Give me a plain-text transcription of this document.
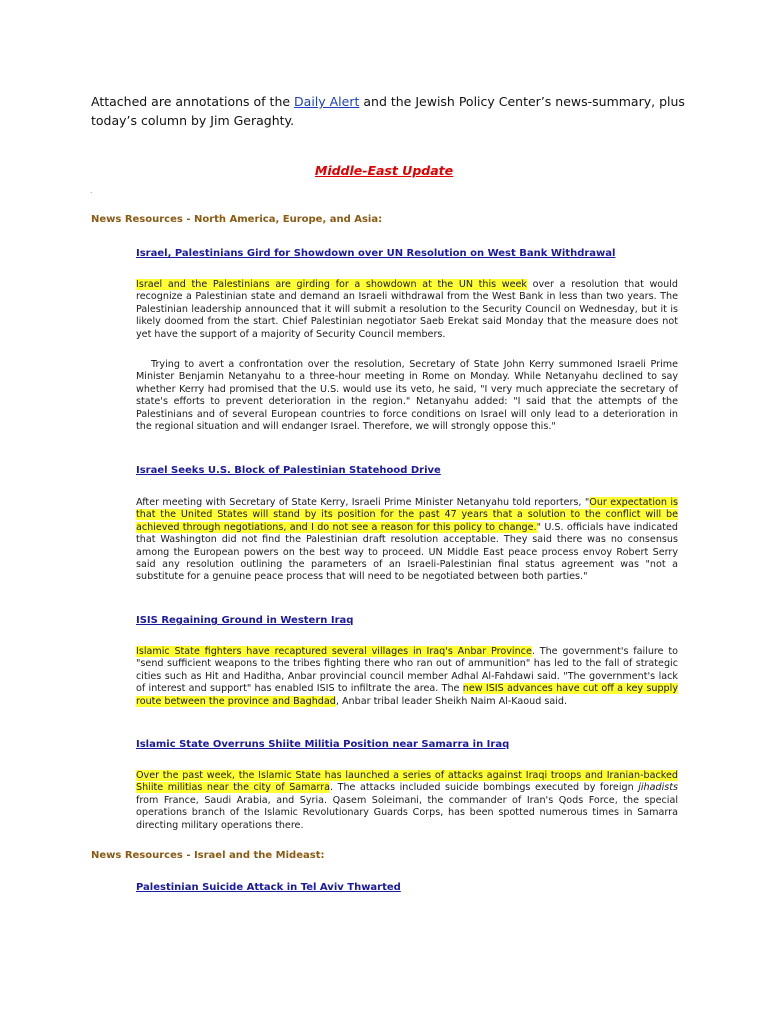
Attached are annotations of the Daily Alert and the Jewish Policy Center’s news-summary, plus today’s column by Jim Geraghty.
Middle-East Update
.
News Resources - North America, Europe, and Asia:
Israel, Palestinians Gird for Showdown over UN Resolution on West Bank Withdrawal
Israel and the Palestinians are girding for a showdown at the UN this week over a resolution that would recognize a Palestinian state and demand an Israeli withdrawal from the West Bank in less than two years. The Palestinian leadership announced that it will submit a resolution to the Security Council on Wednesday, but it is likely doomed from the start. Chief Palestinian negotiator Saeb Erekat said Monday that the measure does not yet have the support of a majority of Security Council members.
Trying to avert a confrontation over the resolution, Secretary of State John Kerry summoned Israeli Prime Minister Benjamin Netanyahu to a three-hour meeting in Rome on Monday. While Netanyahu declined to say whether Kerry had promised that the U.S. would use its veto, he said, "I very much appreciate the secretary of state's efforts to prevent deterioration in the region." Netanyahu added: "I said that the attempts of the Palestinians and of several European countries to force conditions on Israel will only lead to a deterioration in the regional situation and will endanger Israel. Therefore, we will strongly oppose this."
Israel Seeks U.S. Block of Palestinian Statehood Drive
After meeting with Secretary of State Kerry, Israeli Prime Minister Netanyahu told reporters, "Our expectation is that the United States will stand by its position for the past 47 years that a solution to the conflict will be achieved through negotiations, and I do not see a reason for this policy to change." U.S. officials have indicated that Washington did not find the Palestinian draft resolution acceptable. They said there was no consensus among the European powers on the best way to proceed. UN Middle East peace process envoy Robert Serry said any resolution outlining the parameters of an Israeli-Palestinian final status agreement was "not a substitute for a genuine peace process that will need to be negotiated between both parties."
ISIS Regaining Ground in Western Iraq
Islamic State fighters have recaptured several villages in Iraq's Anbar Province. The government's failure to "send sufficient weapons to the tribes fighting there who ran out of ammunition" has led to the fall of strategic cities such as Hit and Haditha, Anbar provincial council member Adhal Al-Fahdawi said. "The government's lack of interest and support" has enabled ISIS to infiltrate the area. The new ISIS advances have cut off a key supply route between the province and Baghdad, Anbar tribal leader Sheikh Naim Al-Kaoud said.
Islamic State Overruns Shiite Militia Position near Samarra in Iraq
Over the past week, the Islamic State has launched a series of attacks against Iraqi troops and Iranian-backed Shiite militias near the city of Samarra. The attacks included suicide bombings executed by foreign jihadists from France, Saudi Arabia, and Syria. Qasem Soleimani, the commander of Iran's Qods Force, the special operations branch of the Islamic Revolutionary Guards Corps, has been spotted numerous times in Samarra directing military operations there.
News Resources - Israel and the Mideast:
Palestinian Suicide Attack in Tel Aviv Thwarted
